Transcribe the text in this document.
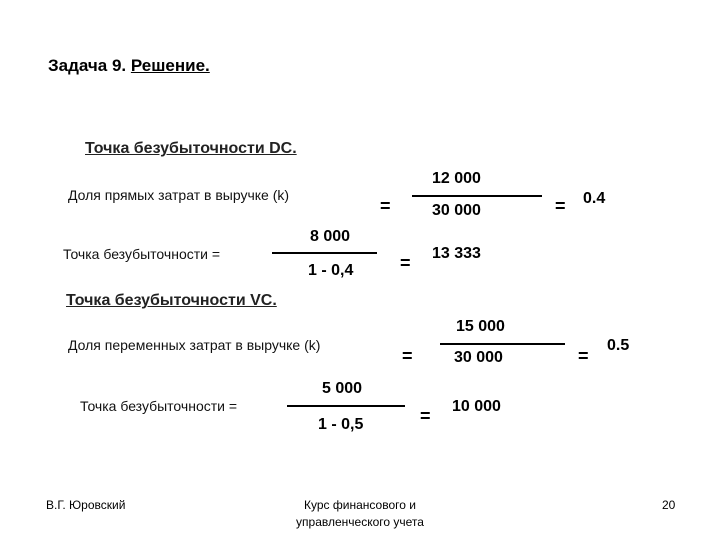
Задача 9. Решение.
Точка безубыточности DC.
Доля прямых затрат в выручке (k)
=
12 000
30 000	= 0.4
Точка безубыточности =
8 000
1 - 0,4	= 13 333
Точка безубыточности VC.
Доля переменных затрат в выручке (k)
=
15 000
30 000	=
0.5
Точка безубыточности =
5 000
1 - 0,5	= 10 000
В.Г. Юровский	Курс финансового и
управленческого учета
20
